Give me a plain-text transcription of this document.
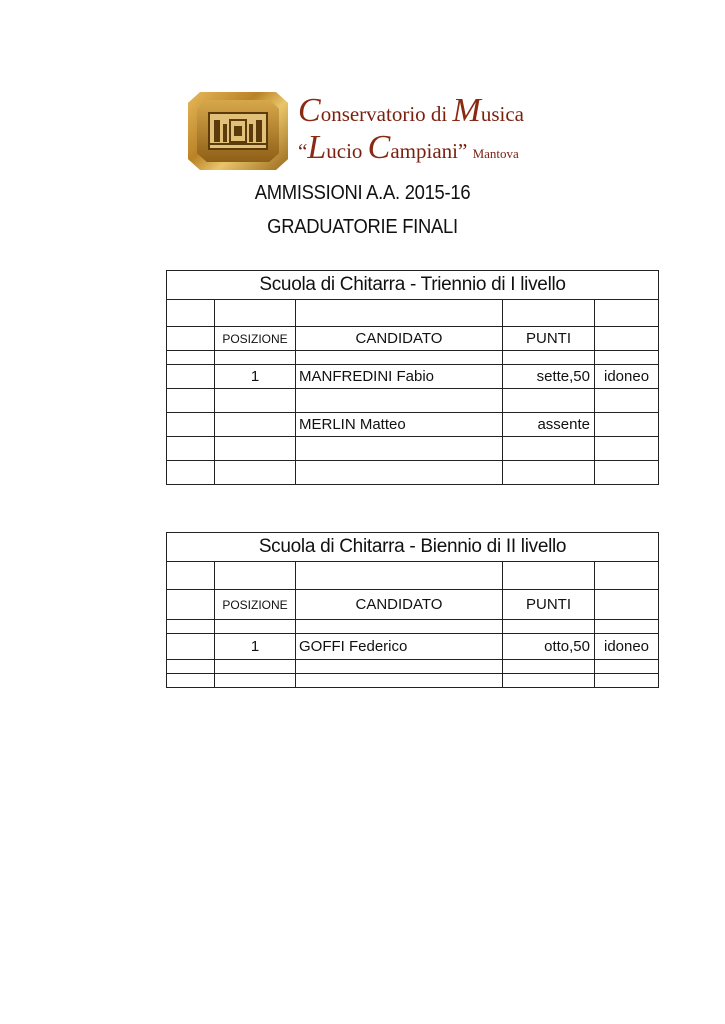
Conservatorio di Musica
“Lucio Campiani” Mantova
AMMISSIONI A.A. 2015-16
GRADUATORIE FINALI
Scuola di Chitarra - Triennio di I livello				

	POSIZIONE	CANDIDATO	PUNTI	

	1	MANFREDINI Fabio	sette,50	idoneo

		MERLIN Matteo	assente	

Scuola di Chitarra - Biennio di II livello				

	POSIZIONE	CANDIDATO	PUNTI	

	1	GOFFI Federico	otto,50	idoneo
